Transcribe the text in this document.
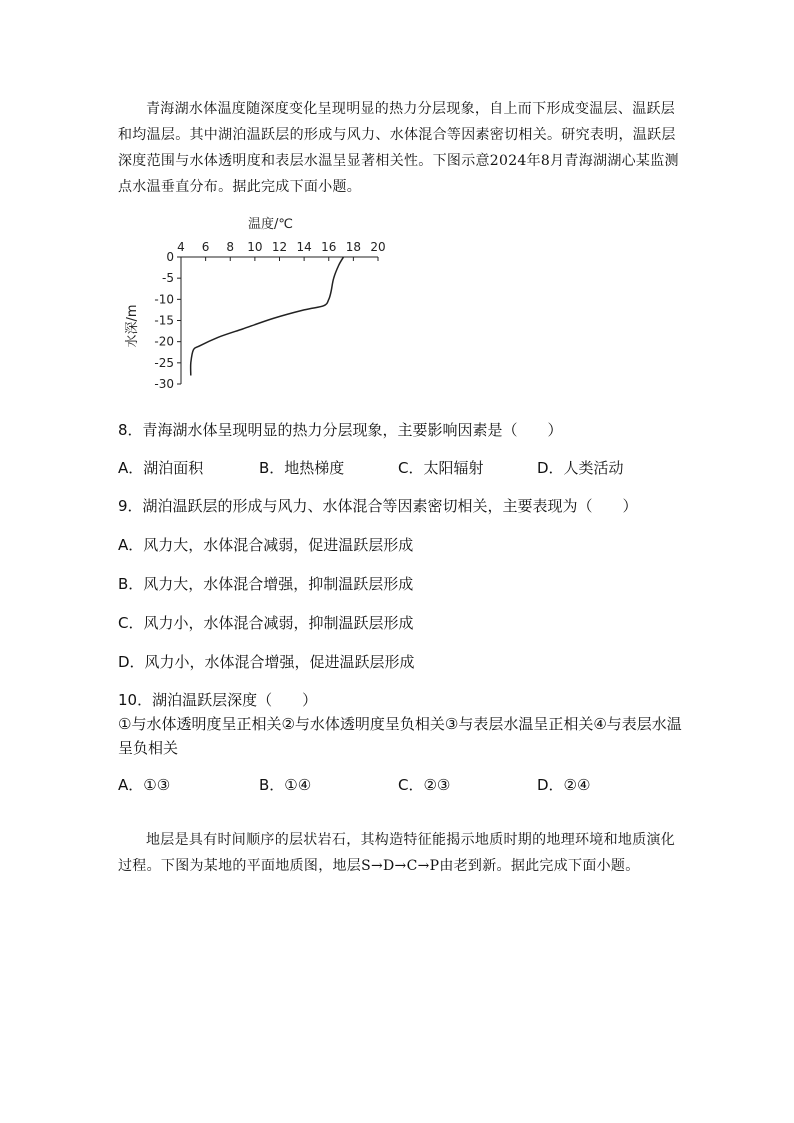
青海湖水体温度随深度变化呈现明显的热力分层现象，自上而下形成变温层、温跃层和均温层。其中湖泊温跃层的形成与风力、水体混合等因素密切相关。研究表明，温跃层深度范围与水体透明度和表层水温呈显著相关性。下图示意2024年8月青海湖湖心某监测点水温垂直分布。据此完成下面小题。

温度/℃
4 6 8 10 12 14 16 18 20
0
-5
-10
-15
-20
-25
-30
水深/m

8．青海湖水体呈现明显的热力分层现象，主要影响因素是（　　）

A．湖泊面积	B．地热梯度	C．太阳辐射	D．人类活动

9．湖泊温跃层的形成与风力、水体混合等因素密切相关，主要表现为（　　）

A．风力大，水体混合减弱，促进温跃层形成

B．风力大，水体混合增强，抑制温跃层形成

C．风力小，水体混合减弱，抑制温跃层形成

D．风力小，水体混合增强，促进温跃层形成

10．湖泊温跃层深度（　　）

①与水体透明度呈正相关②与水体透明度呈负相关③与表层水温呈正相关④与表层水温呈负相关

A．①③	B．①④	C．②③	D．②④

地层是具有时间顺序的层状岩石，其构造特征能揭示地质时期的地理环境和地质演化过程。下图为某地的平面地质图，地层S→D→C→P由老到新。据此完成下面小题。
